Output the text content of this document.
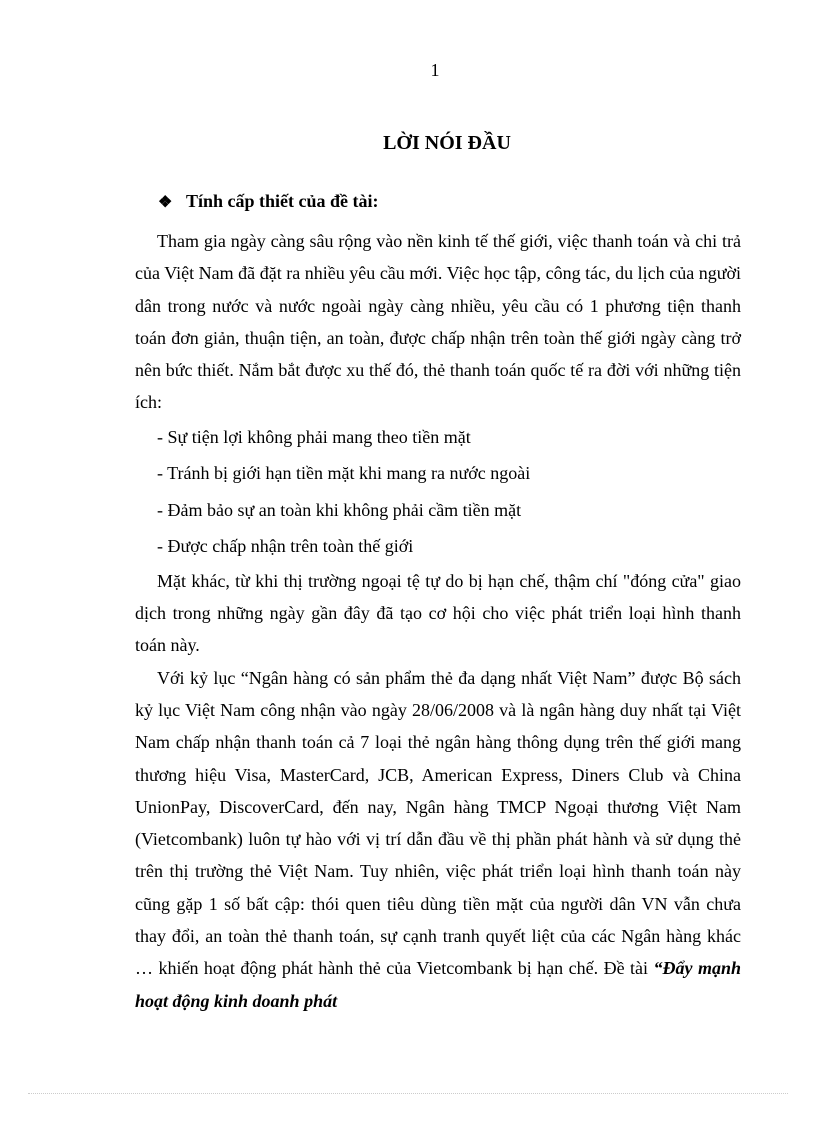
1
LỜI NÓI ĐẦU
❖ Tính cấp thiết của đề tài:

Tham gia ngày càng sâu rộng vào nền kinh tế thế giới, việc thanh toán và chi trả của Việt Nam đã đặt ra nhiều yêu cầu mới. Việc học tập, công tác, du lịch của người dân trong nước và nước ngoài ngày càng nhiều, yêu cầu có 1 phương tiện thanh toán đơn giản, thuận tiện, an toàn, được chấp nhận trên toàn thế giới ngày càng trở nên bức thiết. Nắm bắt được xu thế đó, thẻ thanh toán quốc tế ra đời với những tiện ích:

- Sự tiện lợi không phải mang theo tiền mặt

- Tránh bị giới hạn tiền mặt khi mang ra nước ngoài

- Đảm bảo sự an toàn khi không phải cầm tiền mặt

- Được chấp nhận trên toàn thế giới

Mặt khác, từ khi thị trường ngoại tệ tự do bị hạn chế, thậm chí "đóng cửa" giao dịch trong những ngày gần đây đã tạo cơ hội cho việc phát triển loại hình thanh toán này.

Với kỷ lục “Ngân hàng có sản phẩm thẻ đa dạng nhất Việt Nam” được Bộ sách kỷ lục Việt Nam công nhận vào ngày 28/06/2008 và là ngân hàng duy nhất tại Việt Nam chấp nhận thanh toán cả 7 loại thẻ ngân hàng thông dụng trên thế giới mang thương hiệu Visa, MasterCard, JCB, American Express, Diners Club và China UnionPay, DiscoverCard, đến nay, Ngân hàng TMCP Ngoại thương Việt Nam (Vietcombank) luôn tự hào với vị trí dẫn đầu về thị phần phát hành và sử dụng thẻ trên thị trường thẻ Việt Nam. Tuy nhiên, việc phát triển loại hình thanh toán này cũng gặp 1 số bất cập: thói quen tiêu dùng tiền mặt của người dân VN vẫn chưa thay đổi, an toàn thẻ thanh toán, sự cạnh tranh quyết liệt của các Ngân hàng khác … khiến hoạt động phát hành thẻ của Vietcombank bị hạn chế. Đề tài “Đẩy mạnh hoạt động kinh doanh phát
